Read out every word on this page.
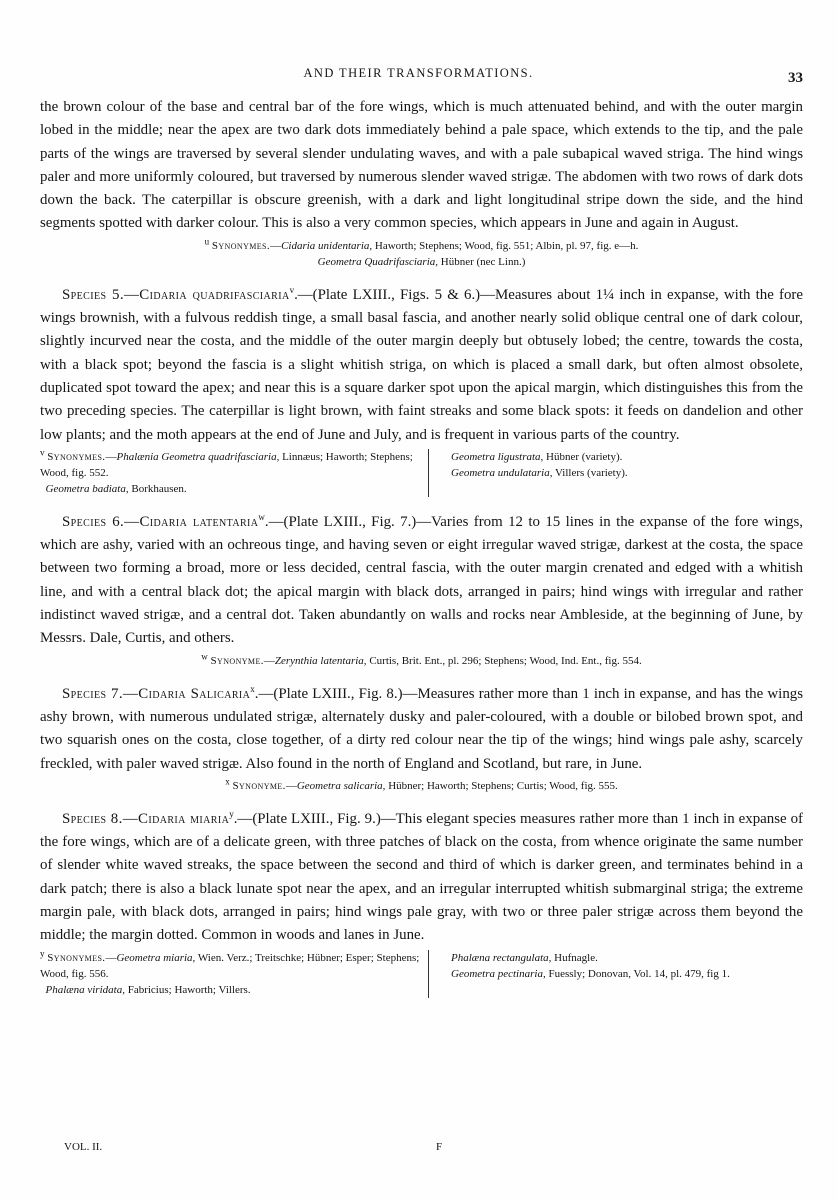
AND THEIR TRANSFORMATIONS.	33

the brown colour of the base and central bar of the fore wings, which is much attenuated behind, and with the outer margin lobed in the middle; near the apex are two dark dots immediately behind a pale space, which extends to the tip, and the pale parts of the wings are traversed by several slender undulating waves, and with a pale subapical waved striga. The hind wings paler and more uniformly coloured, but traversed by numerous slender waved strigæ. The abdomen with two rows of dark dots down the back. The caterpillar is obscure greenish, with a dark and light longitudinal stripe down the side, and the hind segments spotted with darker colour. This is also a very common species, which appears in June and again in August.

$^u$ Synonymes.—Cidaria unidentaria, Haworth; Stephens; Wood, fig. 551; Albin, pl. 97, fig. e—h.
Geometra Quadrifasciaria, Hübner (nec Linn.)

Species 5.—Cidaria quadrifasciaria$^v$.—(Plate LXIII., Figs. 5 & 6.)—Measures about 1¼ inch in expanse, with the fore wings brownish, with a fulvous reddish tinge, a small basal fascia, and another nearly solid oblique central one of dark colour, slightly incurved near the costa, and the middle of the outer margin deeply but obtusely lobed; the centre, towards the costa, with a black spot; beyond the fascia is a slight whitish striga, on which is placed a small dark, but often almost obsolete, duplicated spot toward the apex; and near this is a square darker spot upon the apical margin, which distinguishes this from the two preceding species. The caterpillar is light brown, with faint streaks and some black spots: it feeds on dandelion and other low plants; and the moth appears at the end of June and July, and is frequent in various parts of the country.

$^v$ Synonymes.—Phalænia Geometra quadrifasciaria, Linnæus; Haworth; Stephens; Wood, fig. 552.
Geometra badiata, Borkhausen.
Geometra ligustrata, Hübner (variety).
Geometra undulataria, Villers (variety).

Species 6.—Cidaria latentaria$^w$.—(Plate LXIII., Fig. 7.)—Varies from 12 to 15 lines in the expanse of the fore wings, which are ashy, varied with an ochreous tinge, and having seven or eight irregular waved strigæ, darkest at the costa, the space between two forming a broad, more or less decided, central fascia, with the outer margin crenated and edged with a whitish line, and with a central black dot; the apical margin with black dots, arranged in pairs; hind wings with irregular and rather indistinct waved strigæ, and a central dot. Taken abundantly on walls and rocks near Ambleside, at the beginning of June, by Messrs. Dale, Curtis, and others.

$^w$ Synonyme.—Zerynthia latentaria, Curtis, Brit. Ent., pl. 296; Stephens; Wood, Ind. Ent., fig. 554.

Species 7.—Cidaria Salicaria$^x$.—(Plate LXIII., Fig. 8.)—Measures rather more than 1 inch in expanse, and has the wings ashy brown, with numerous undulated strigæ, alternately dusky and paler-coloured, with a double or bilobed brown spot, and two squarish ones on the costa, close together, of a dirty red colour near the tip of the wings; hind wings pale ashy, scarcely freckled, with paler waved strigæ. Also found in the north of England and Scotland, but rare, in June.

$^x$ Synonyme.—Geometra salicaria, Hübner; Haworth; Stephens; Curtis; Wood, fig. 555.

Species 8.—Cidaria miaria$^y$.—(Plate LXIII., Fig. 9.)—This elegant species measures rather more than 1 inch in expanse of the fore wings, which are of a delicate green, with three patches of black on the costa, from whence originate the same number of slender white waved streaks, the space between the second and third of which is darker green, and terminates behind in a dark patch; there is also a black lunate spot near the apex, and an irregular interrupted whitish submarginal striga; the extreme margin pale, with black dots, arranged in pairs; hind wings pale gray, with two or three paler strigæ across them beyond the middle; the margin dotted. Common in woods and lanes in June.

$^y$ Synonymes.—Geometra miaria, Wien. Verz.; Treitschke; Hübner; Esper; Stephens; Wood, fig. 556.
Phalæna viridata, Fabricius; Haworth; Villers.
Phalæna rectangulata, Hufnagle.
Geometra pectinaria, Fuessly; Donovan, Vol. 14, pl. 479, fig 1.
VOL. II.	F
